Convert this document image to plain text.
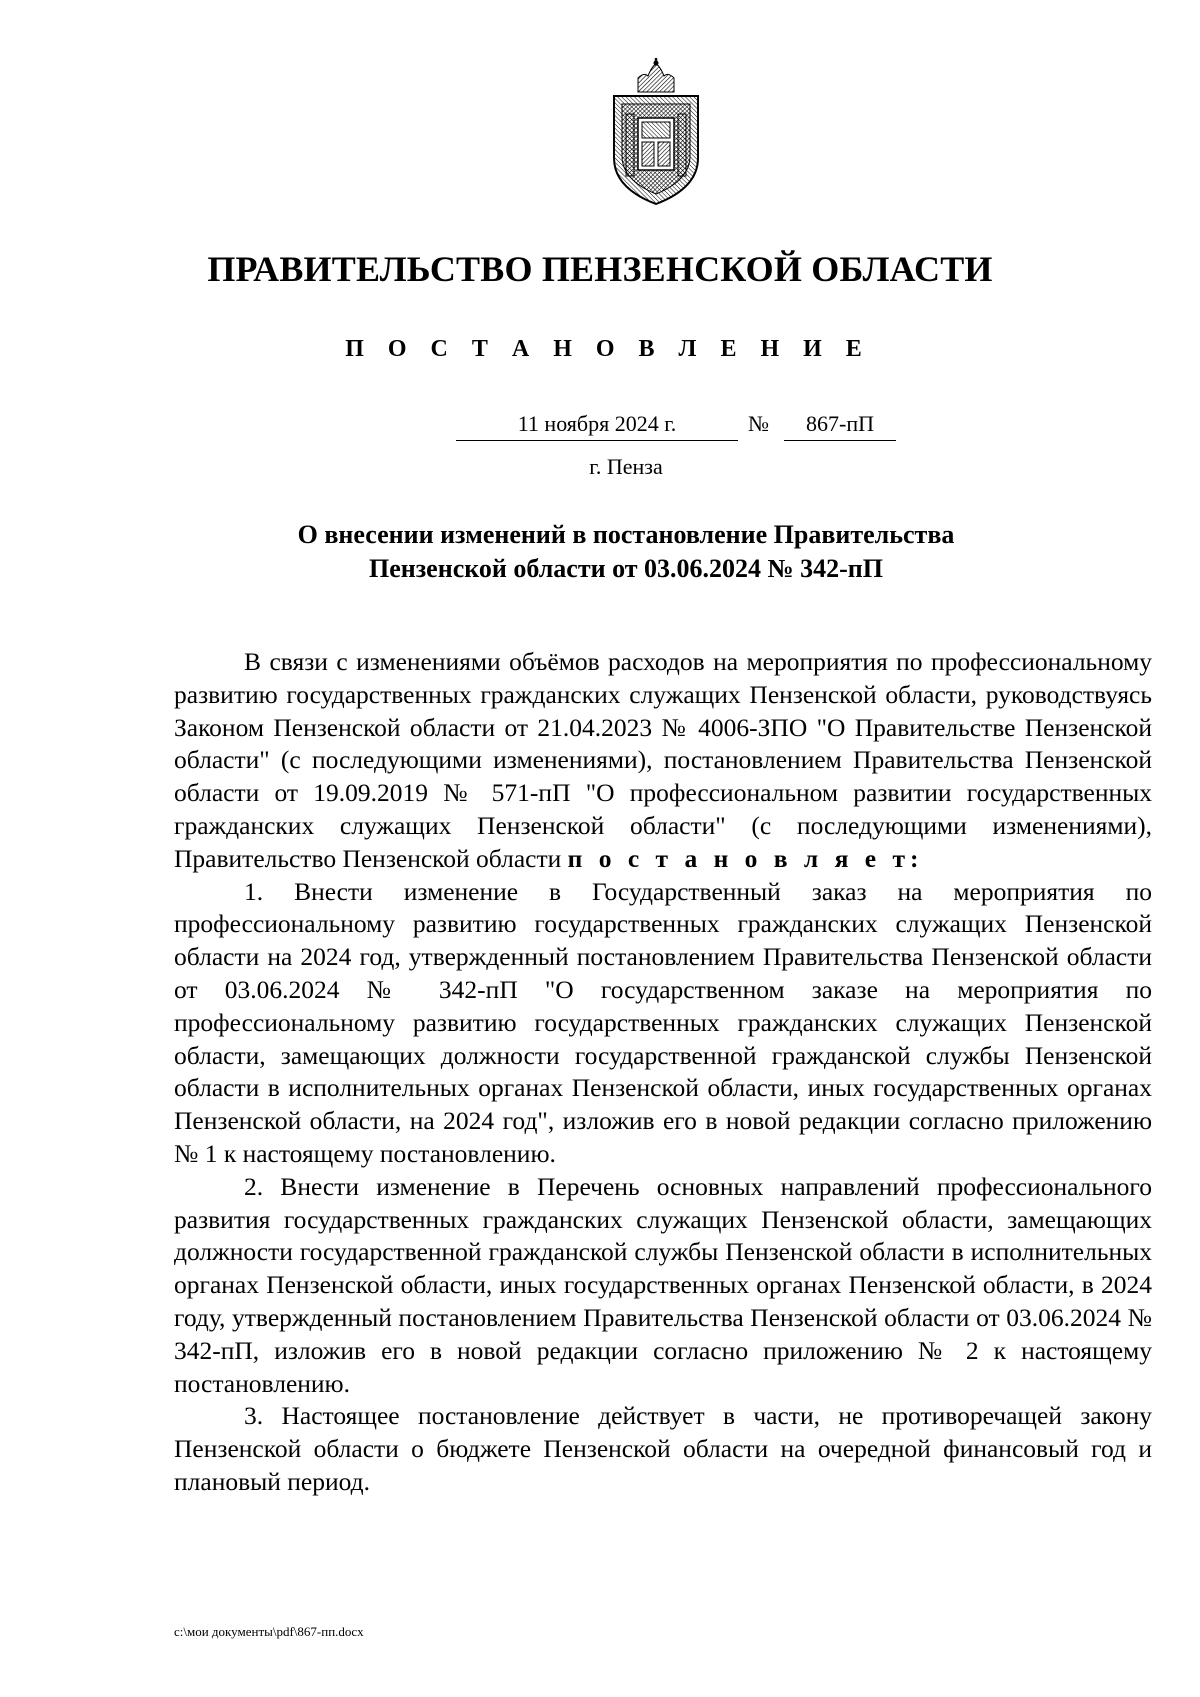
ПРАВИТЕЛЬСТВО ПЕНЗЕНСКОЙ ОБЛАСТИ
П О С Т А Н О В Л Е Н И Е
11 ноября 2024 г.	№	867-пП
г. Пенза
О внесении изменений в постановление Правительства
Пензенской области от 03.06.2024 № 342-пП

В связи с изменениями объёмов расходов на мероприятия по профессиональному развитию государственных гражданских служащих Пензенской области, руководствуясь Законом Пензенской области от 21.04.2023 № 4006-ЗПО "О Правительстве Пензенской области" (с последующими изменениями), постановлением Правительства Пензенской области от 19.09.2019 № 571-пП "О профессиональном развитии государственных гражданских служащих Пензенской области" (с последующими изменениями), Правительство Пензенской области п о с т а н о в л я е т:

1. Внести изменение в Государственный заказ на мероприятия по профессиональному развитию государственных гражданских служащих Пензенской области на 2024 год, утвержденный постановлением Правительства Пензенской области от 03.06.2024 № 342-пП "О государственном заказе на мероприятия по профессиональному развитию государственных гражданских служащих Пензенской области, замещающих должности государственной гражданской службы Пензенской области в исполнительных органах Пензенской области, иных государственных органах Пензенской области, на 2024 год", изложив его в новой редакции согласно приложению № 1 к настоящему постановлению.

2. Внести изменение в Перечень основных направлений профессионального развития государственных гражданских служащих Пензенской области, замещающих должности государственной гражданской службы Пензенской области в исполнительных органах Пензенской области, иных государственных органах Пензенской области, в 2024 году, утвержденный постановлением Правительства Пензенской области от 03.06.2024 № 342-пП, изложив его в новой редакции согласно приложению № 2 к настоящему постановлению.

3. Настоящее постановление действует в части, не противоречащей закону Пензенской области о бюджете Пензенской области на очередной финансовый год и плановый период.

c:\мои документы\pdf\867-пп.docx
